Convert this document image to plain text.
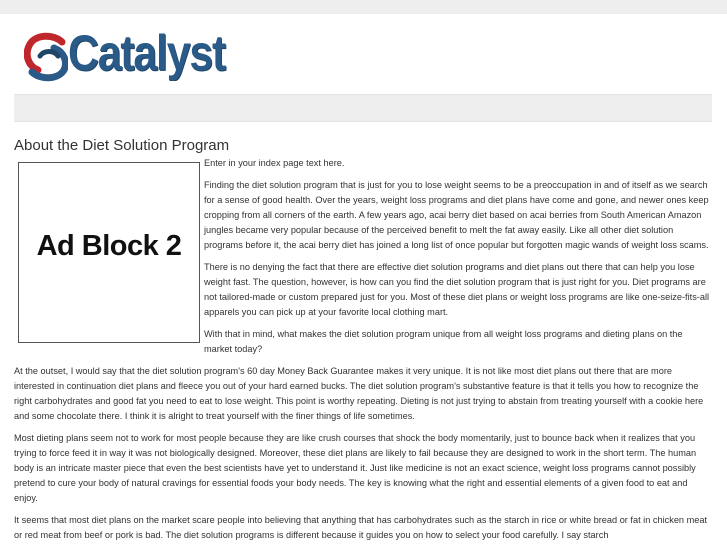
Catalyst
About the Diet Solution Program
Ad Block 2

Enter in your index page text here.

Finding the diet solution program that is just for you to lose weight seems to be a preoccupation in and of itself as we search for a sense of good health. Over the years, weight loss programs and diet plans have come and gone, and newer ones keep cropping from all corners of the earth. A few years ago, acai berry diet based on acai berries from South American Amazon jungles became very popular because of the perceived benefit to melt the fat away easily. Like all other diet solution programs before it, the acai berry diet has joined a long list of once popular but forgotten magic wands of weight loss scams.

There is no denying the fact that there are effective diet solution programs and diet plans out there that can help you lose weight fast. The question, however, is how can you find the diet solution program that is just right for you. Diet programs are not tailored-made or custom prepared just for you. Most of these diet plans or weight loss programs are like one-seize-fits-all apparels you can pick up at your favorite local clothing mart.

With that in mind, what makes the diet solution program unique from all weight loss programs and dieting plans on the market today?

At the outset, I would say that the diet solution program's 60 day Money Back Guarantee makes it very unique. It is not like most diet plans out there that are more interested in continuation diet plans and fleece you out of your hard earned bucks. The diet solution program's substantive feature is that it tells you how to recognize the right carbohydrates and good fat you need to eat to lose weight. This point is worthy repeating. Dieting is not just trying to abstain from treating yourself with a cookie here and some chocolate there. I think it is alright to treat yourself with the finer things of life sometimes.

Most dieting plans seem not to work for most people because they are like crush courses that shock the body momentarily, just to bounce back when it realizes that you trying to force feed it in way it was not biologically designed. Moreover, these diet plans are likely to fail because they are designed to work in the short term. The human body is an intricate master piece that even the best scientists have yet to understand it. Just like medicine is not an exact science, weight loss programs cannot possibly pretend to cure your body of natural cravings for essential foods your body needs. The key is knowing what the right and essential elements of a given food to eat and enjoy.

It seems that most diet plans on the market scare people into believing that anything that has carbohydrates such as the starch in rice or white bread or fat in chicken meat or red meat from beef or pork is bad. The diet solution programs is different because it guides you on how to select your food carefully. I say starch
